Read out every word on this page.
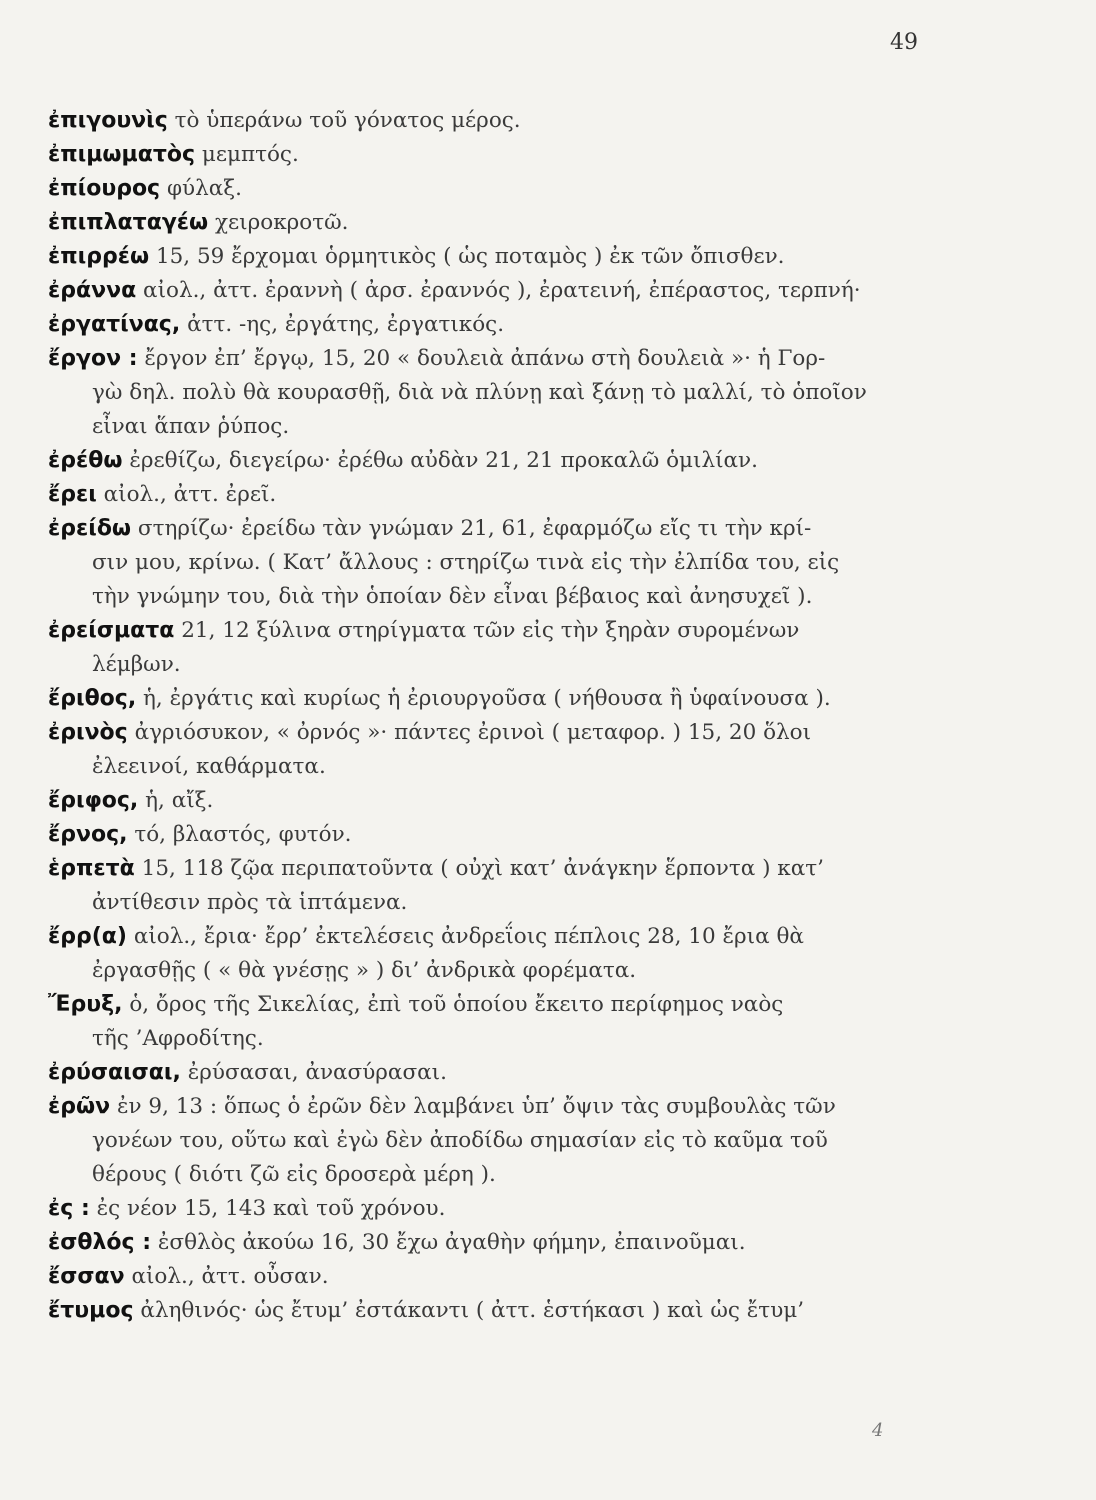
49
ἐπιγουνὶς τὸ ὑπεράνω τοῦ γόνατος μέρος.
ἐπιμωματὸς μεμπτός.
ἐπίουρος φύλαξ.
ἐπιπλαταγέω χειροκροτῶ.
ἐπιρρέω 15, 59 ἔρχομαι ὁρμητικὸς ( ὡς ποταμὸς ) ἐκ τῶν ὄπισθεν.
ἐράννα αἰολ., ἀττ. ἐραννὴ ( ἀρσ. ἐραννός ), ἐρατεινή, ἐπέραστος, τερπνή·
ἐργατίνας, ἀττ. -ης, ἐργάτης, ἐργατικός.
ἔργον : ἔργον ἐπ’ ἔργῳ, 15, 20 « δουλειὰ ἀπάνω στὴ δουλειὰ »· ἡ Γορ-
γὼ δηλ. πολὺ θὰ κουρασθῇ, διὰ νὰ πλύνῃ καὶ ξάνῃ τὸ μαλλί, τὸ ὁποῖον
εἶναι ἅπαν ῥύπος.
ἐρέθω ἐρεθίζω, διεγείρω· ἐρέθω αὐδὰν 21, 21 προκαλῶ ὁμιλίαν.
ἔρει αἰολ., ἀττ. ἐρεῖ.
ἐρείδω στηρίζω· ἐρείδω τὰν γνώμαν 21, 61, ἐφαρμόζω εἴς τι τὴν κρί-
σιν μου, κρίνω. ( Κατ’ ἄλλους : στηρίζω τινὰ εἰς τὴν ἐλπίδα του, εἰς
τὴν γνώμην του, διὰ τὴν ὁποίαν δὲν εἶναι βέβαιος καὶ ἀνησυχεῖ ).
ἐρείσματα 21, 12 ξύλινα στηρίγματα τῶν εἰς τὴν ξηρὰν συρομένων
λέμβων.
ἔριθος, ἡ, ἐργάτις καὶ κυρίως ἡ ἐριουργοῦσα ( νήθουσα ἢ ὑφαίνουσα ).
ἐρινὸς ἀγριόσυκον, « ὀρνός »· πάντες ἐρινοὶ ( μεταφορ. ) 15, 20 ὅλοι
ἐλεεινοί, καθάρματα.
ἔριφος, ἡ, αἴξ.
ἔρνος, τό, βλαστός, φυτόν.
ἑρπετὰ 15, 118 ζῷα περιπατοῦντα ( οὐχὶ κατ’ ἀνάγκην ἕρποντα ) κατ’
ἀντίθεσιν πρὸς τὰ ἱπτάμενα.
ἔρρ(α) αἰολ., ἔρια· ἔρρ’ ἐκτελέσεις ἀνδρεΐοις πέπλοις 28, 10 ἔρια θὰ
ἐργασθῇς ( « θὰ γνέσῃς » ) δι’ ἀνδρικὰ φορέματα.
Ἔρυξ, ὁ, ὄρος τῆς Σικελίας, ἐπὶ τοῦ ὁποίου ἔκειτο περίφημος ναὸς
τῆς ’Αφροδίτης.
ἐρύσαισαι, ἐρύσασαι, ἀνασύρασαι.
ἐρῶν ἐν 9, 13 : ὅπως ὁ ἐρῶν δὲν λαμβάνει ὑπ’ ὄψιν τὰς συμβουλὰς τῶν
γονέων του, οὕτω καὶ ἐγὼ δὲν ἀποδίδω σημασίαν εἰς τὸ καῦμα τοῦ
θέρους ( διότι ζῶ εἰς δροσερὰ μέρη ).
ἐς : ἐς νέον 15, 143 καὶ τοῦ χρόνου.
ἐσθλός : ἐσθλὸς ἀκούω 16, 30 ἔχω ἀγαθὴν φήμην, ἐπαινοῦμαι.
ἔσσαν αἰολ., ἀττ. οὖσαν.
ἔτυμος ἀληθινός· ὡς ἔτυμ’ ἐστάκαντι ( ἀττ. ἑστήκασι ) καὶ ὡς ἔτυμ’
4
